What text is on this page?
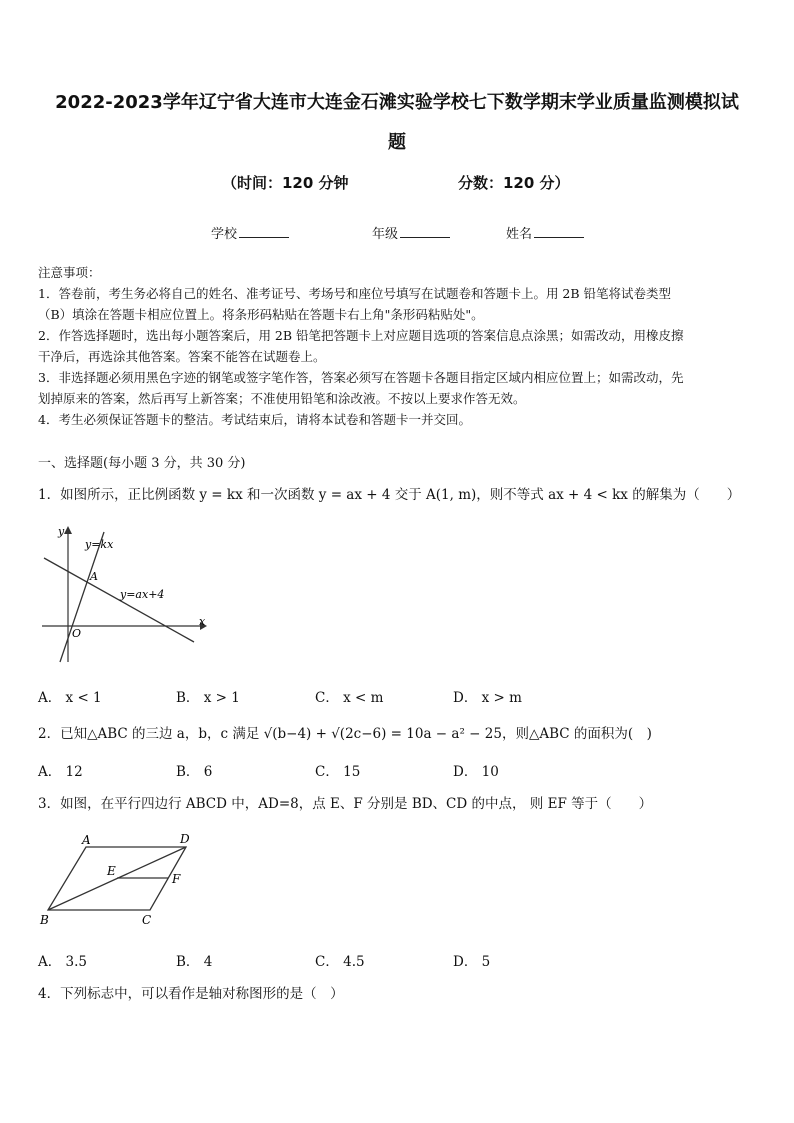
2022-2023学年辽宁省大连市大连金石滩实验学校七下数学期末学业质量监测模拟试
题
（时间：120 分钟	分数：120 分）
学校	年级	姓名

注意事项：

1．答卷前，考生务必将自己的姓名、准考证号、考场号和座位号填写在试题卷和答题卡上。用 2B 铅笔将试卷类型

（B）填涂在答题卡相应位置上。将条形码粘贴在答题卡右上角"条形码粘贴处"。

2．作答选择题时，选出每小题答案后，用 2B 铅笔把答题卡上对应题目选项的答案信息点涂黑；如需改动，用橡皮擦

干净后，再选涂其他答案。答案不能答在试题卷上。

3．非选择题必须用黑色字迹的钢笔或签字笔作答，答案必须写在答题卡各题目指定区域内相应位置上；如需改动，先

划掉原来的答案，然后再写上新答案；不准使用铅笔和涂改液。不按以上要求作答无效。

4．考生必须保证答题卡的整洁。考试结束后，请将本试卷和答题卡一并交回。

一、选择题(每小题 3 分，共 30 分)
1．如图所示，正比例函数 y = kx 和一次函数 y = ax + 4 交于 A(1, m)，则不等式 ax + 4 < kx 的解集为（　　）
x
y
O
A
y=kx
y=ax+4
A． x < 1	B． x > 1	C． x < m	D． x > m
2．已知△ABC 的三边 a，b，c 满足 √(b−4) + √(2c−6) = 10a − a² − 25，则△ABC 的面积为(　)
A． 12	B． 6	C． 15	D． 10
3．如图，在平行四边行 ABCD 中，AD=8，点 E、F 分别是 BD、CD 的中点， 则 EF 等于（　　）
A	D
B	C
E
F
A． 3.5	B． 4	C． 4.5	D． 5
4．下列标志中，可以看作是轴对称图形的是（　）
